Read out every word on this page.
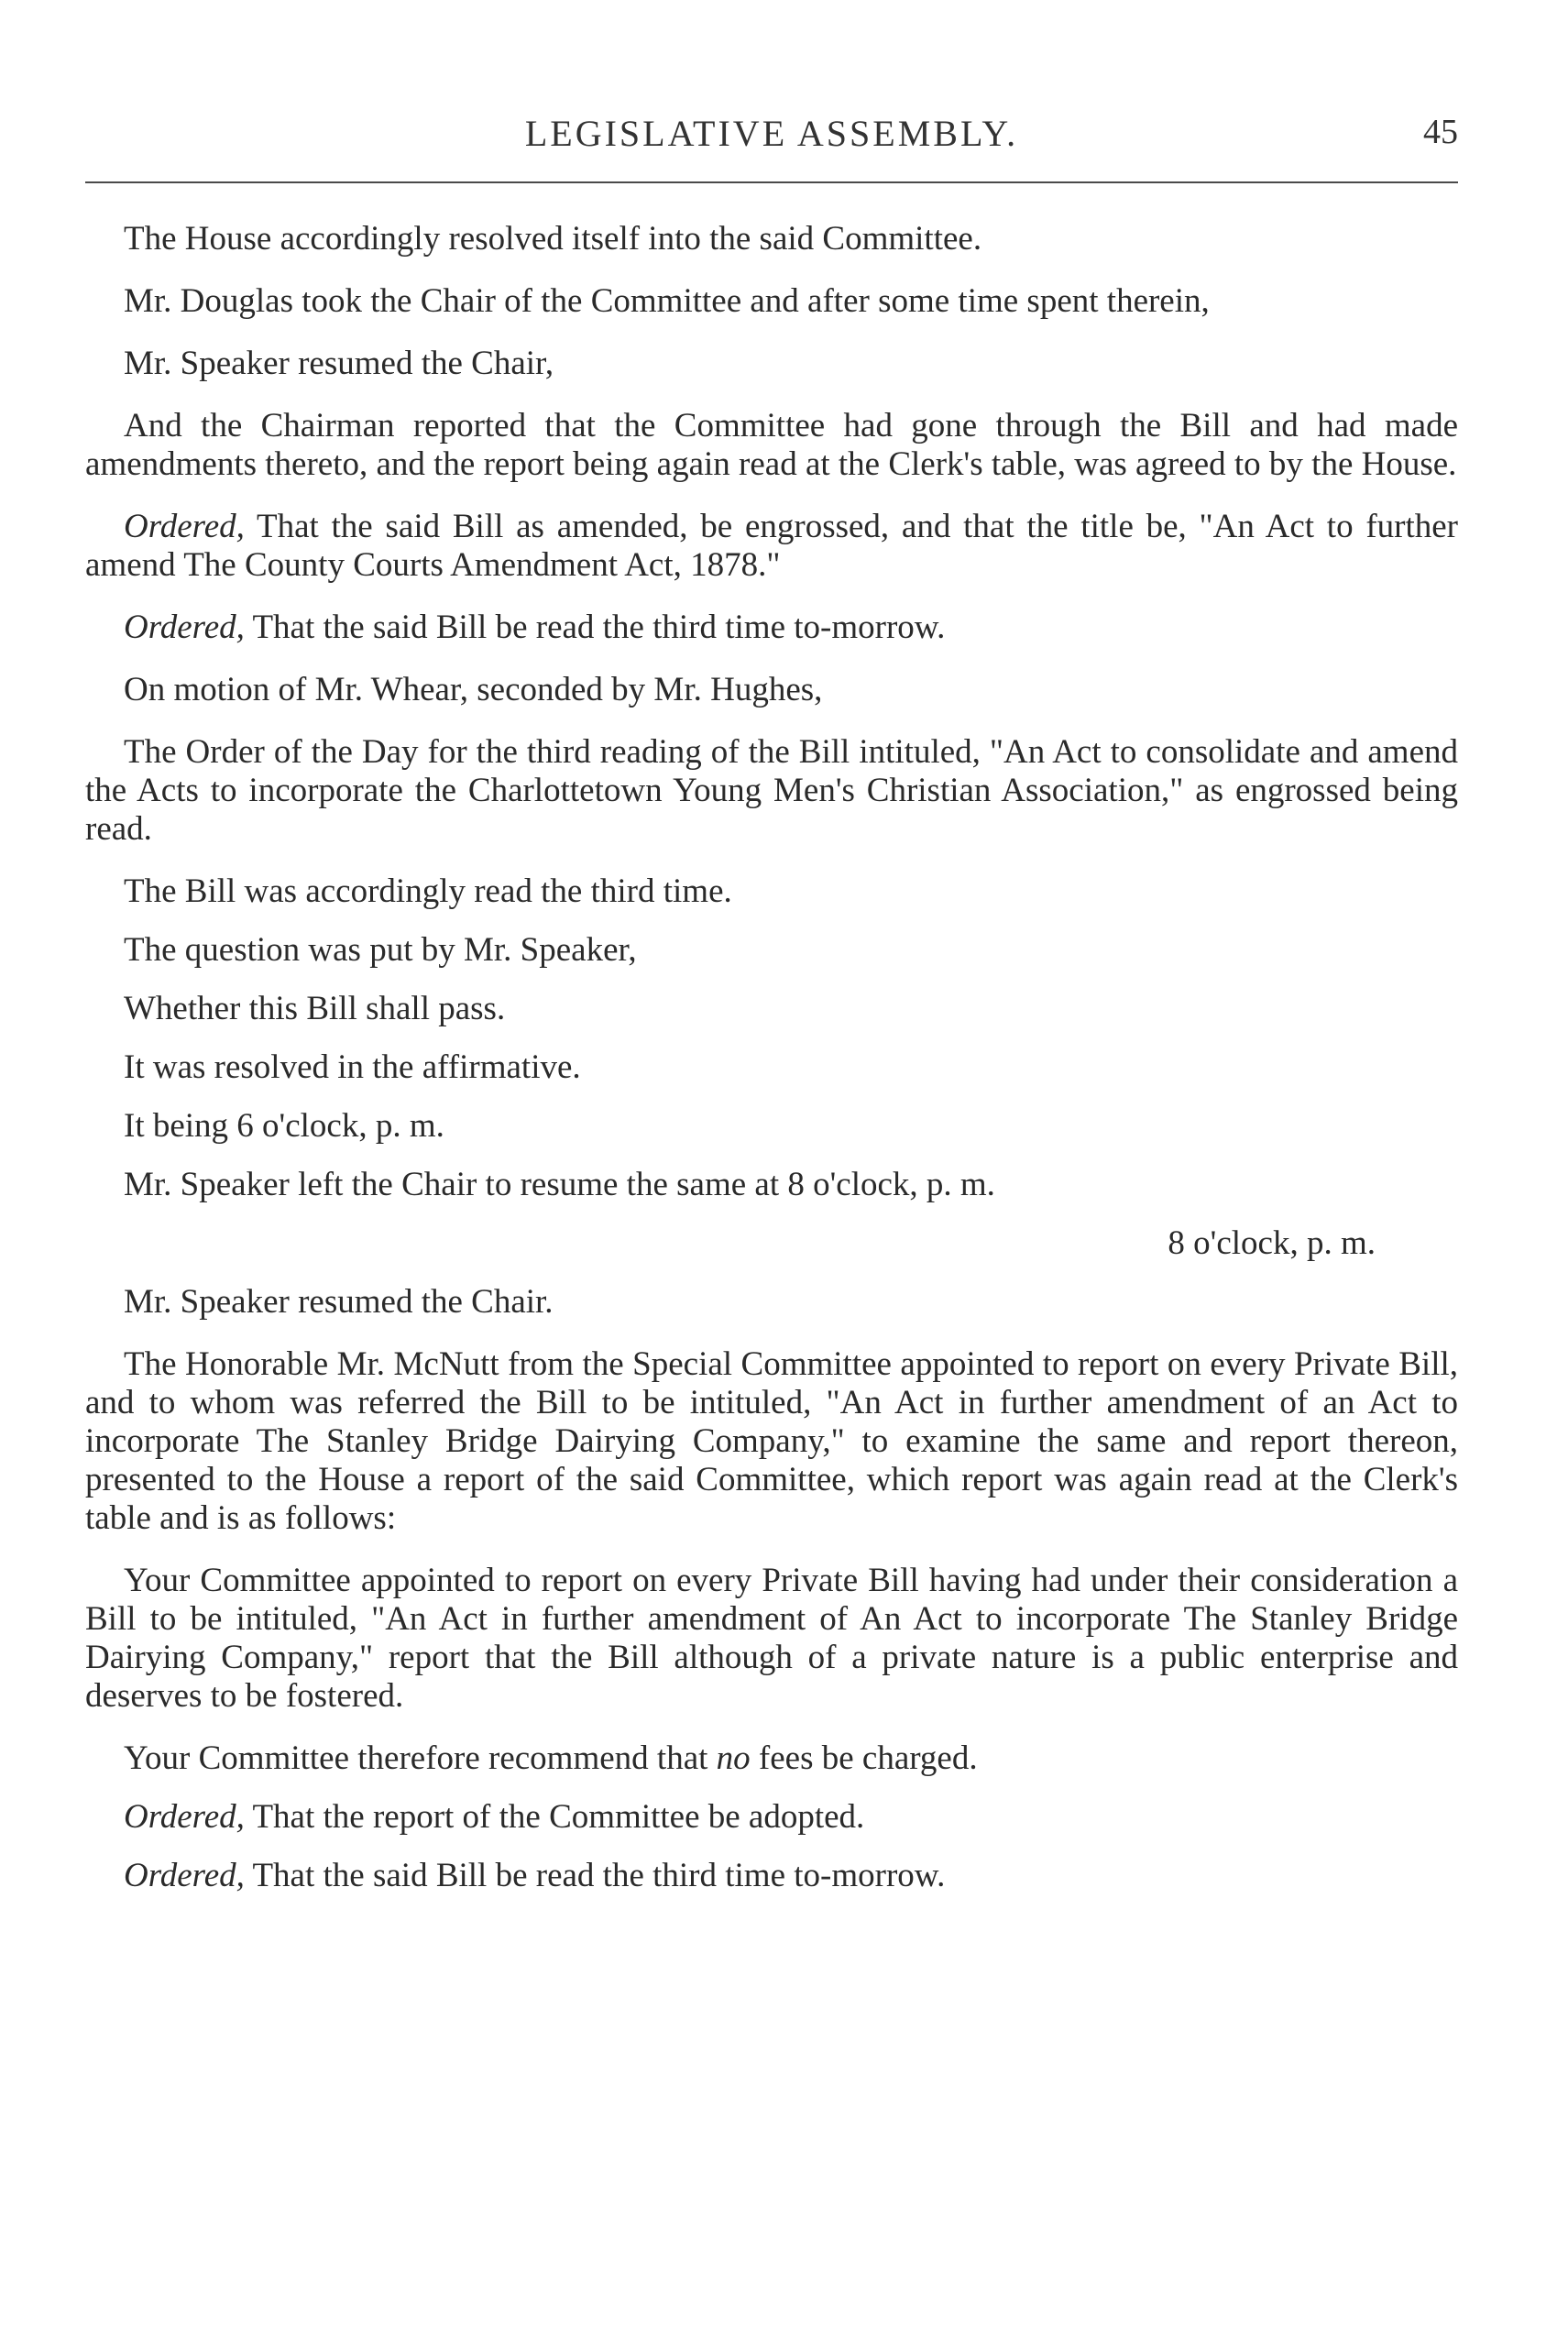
LEGISLATIVE ASSEMBLY.	45

The House accordingly resolved itself into the said Committee.

Mr. Douglas took the Chair of the Committee and after some time spent therein,

Mr. Speaker resumed the Chair,

And the Chairman reported that the Committee had gone through the Bill and had made amendments thereto, and the report being again read at the Clerk's table, was agreed to by the House.

Ordered, That the said Bill as amended, be engrossed, and that the title be, "An Act to further amend The County Courts Amendment Act, 1878."

Ordered, That the said Bill be read the third time to-morrow.

On motion of Mr. Whear, seconded by Mr. Hughes,

The Order of the Day for the third reading of the Bill intituled, "An Act to consolidate and amend the Acts to incorporate the Charlottetown Young Men's Christian Association," as engrossed being read.

The Bill was accordingly read the third time.

The question was put by Mr. Speaker,

Whether this Bill shall pass.

It was resolved in the affirmative.

It being 6 o'clock, p. m.

Mr. Speaker left the Chair to resume the same at 8 o'clock, p. m.

8 o'clock, p. m.

Mr. Speaker resumed the Chair.

The Honorable Mr. McNutt from the Special Committee appointed to report on every Private Bill, and to whom was referred the Bill to be intituled, "An Act in further amendment of an Act to incorporate The Stanley Bridge Dairying Company," to examine the same and report thereon, presented to the House a report of the said Committee, which report was again read at the Clerk's table and is as follows:

Your Committee appointed to report on every Private Bill having had under their consideration a Bill to be intituled, "An Act in further amendment of An Act to incorporate The Stanley Bridge Dairying Company," report that the Bill although of a private nature is a public enterprise and deserves to be fostered.

Your Committee therefore recommend that no fees be charged.

Ordered, That the report of the Committee be adopted.

Ordered, That the said Bill be read the third time to-morrow.
